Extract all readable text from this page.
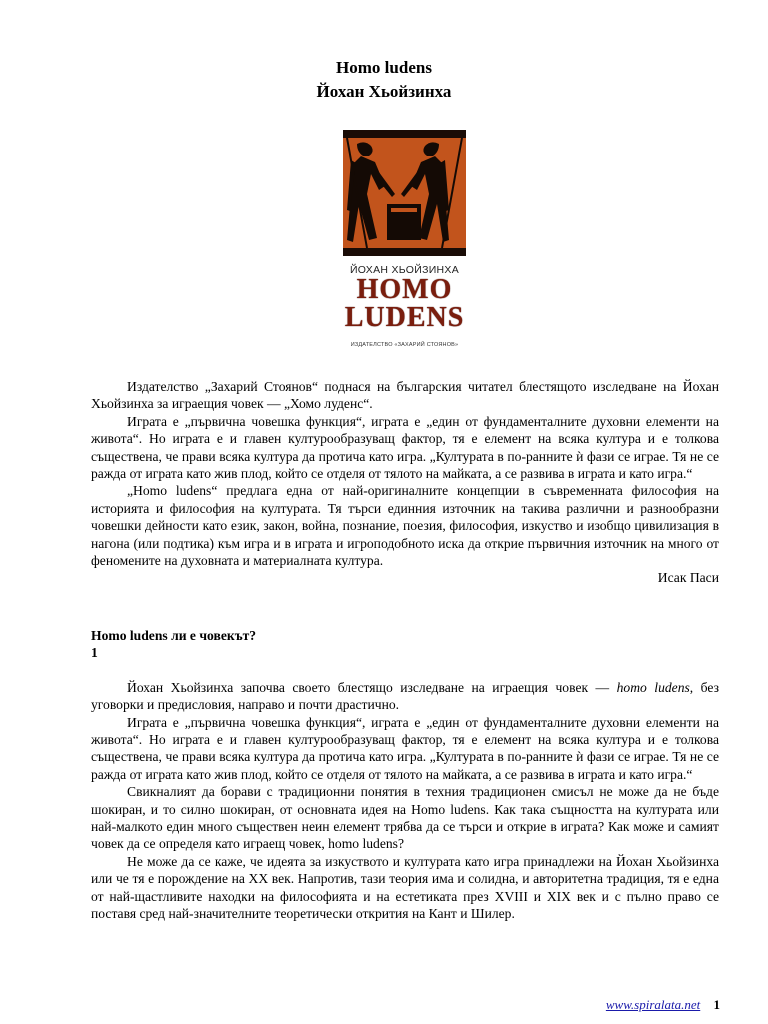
Homo ludens
Йохан Хьойзинха
ЙОХАН ХЬОЙЗИНХА
HOMO
LUDENS
ИЗДАТЕЛСТВО «ЗАХАРИЙ СТОЯНОВ»

Издателство „Захарий Стоянов“ поднася на българския читател блестящото изследване на Йохан Хьойзинха за играещия човек — „Хомо луденс“.

Играта е „първична човешка функция“, играта е „един от фундаменталните духовни елементи на живота“. Но играта е и главен културообразуващ фактор, тя е елемент на всяка култура и е толкова съществена, че прави всяка култура да протича като игра. „Културата в по-ранните ѝ фази се играе. Тя не се ражда от играта като жив плод, който се отделя от тялото на майката, а се развива в играта и като игра.“

„Homo ludens“ предлага една от най-оригиналните концепции в съвременната философия на историята и философия на културата. Тя търси единния източник на такива различни и разнообразни човешки дейности като език, закон, война, познание, поезия, философия, изкуство и изобщо цивилизация в нагона (или подтика) към игра и в играта и игроподобното иска да открие първичния източник на много от феномените на духовната и материалната култура.

Исак Паси

Homo ludens ли е човекът?

1

Йохан Хьойзинха започва своето блестящо изследване на играещия човек — homo ludens, без уговорки и предисловия, направо и почти драстично.

Играта е „първична човешка функция“, играта е „един от фундаменталните духовни елементи на живота“. Но играта е и главен културообразуващ фактор, тя е елемент на всяка култура и е толкова съществена, че прави всяка култура да протича като игра. „Културата в по-ранните ѝ фази се играе. Тя не се ражда от играта като жив плод, който се отделя от тялото на майката, а се развива в играта и като игра.“

Свикналият да борави с традиционни понятия в техния традиционен смисъл не може да не бъде шокиран, и то силно шокиран, от основната идея на Homo ludens. Как така същността на културата или най-малкото един много съществен неин елемент трябва да се търси и открие в играта? Как може и самият човек да се определя като играещ човек, homo ludens?

Не може да се каже, че идеята за изкуството и културата като игра принадлежи на Йохан Хьойзинха или че тя е порождение на XX век. Напротив, тази теория има и солидна, и авторитетна традиция, тя е една от най-щастливите находки на философията и на естетиката през XVIII и XIX век и с пълно право се поставя сред най-значителните теоретически открития на Кант и Шилер.

www.spiralata.net 1
